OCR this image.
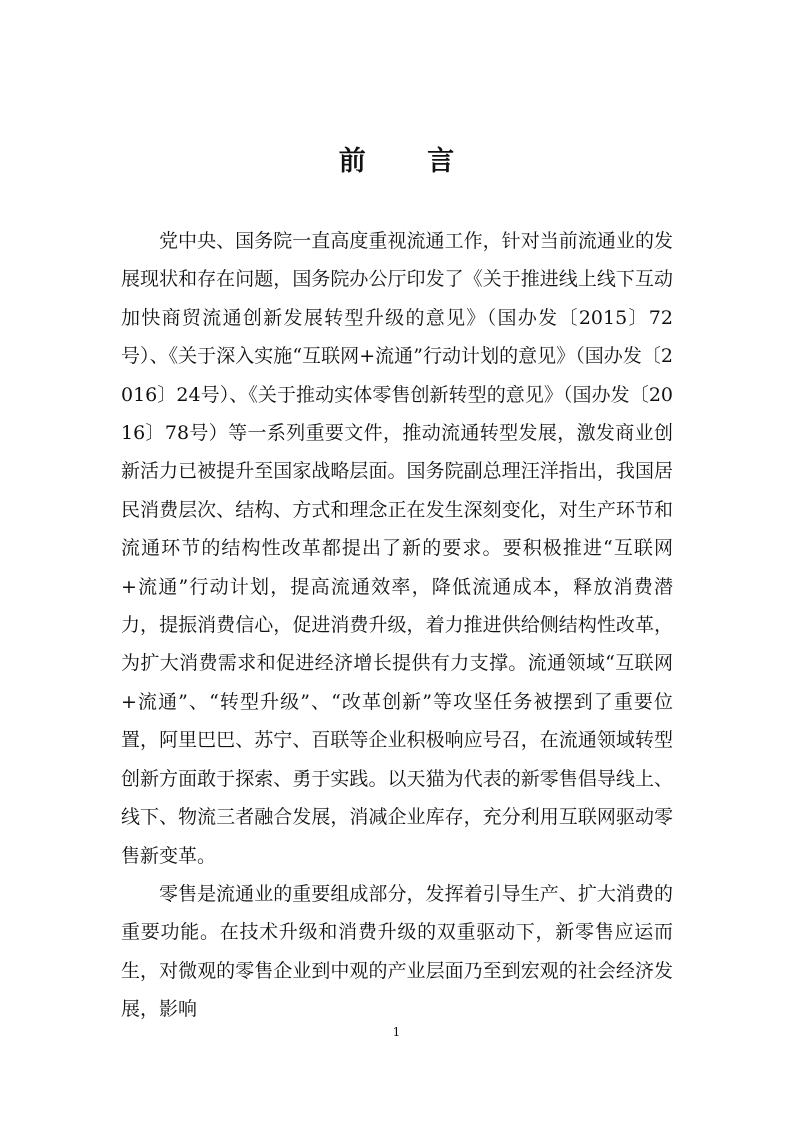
前 言

党中央、国务院一直高度重视流通工作，针对当前流通业的发展现状和存在问题，国务院办公厅印发了《关于推进线上线下互动加快商贸流通创新发展转型升级的意见》（国办发〔2015〕72号）、《关于深入实施“互联网+流通”行动计划的意见》（国办发〔2016〕24号）、《关于推动实体零售创新转型的意见》（国办发〔2016〕78号）等一系列重要文件，推动流通转型发展，激发商业创新活力已被提升至国家战略层面。国务院副总理汪洋指出，我国居民消费层次、结构、方式和理念正在发生深刻变化，对生产环节和流通环节的结构性改革都提出了新的要求。要积极推进“互联网+流通”行动计划，提高流通效率，降低流通成本，释放消费潜力，提振消费信心，促进消费升级，着力推进供给侧结构性改革，为扩大消费需求和促进经济增长提供有力支撑。流通领域“互联网+流通”、“转型升级”、“改革创新”等攻坚任务被摆到了重要位置，阿里巴巴、苏宁、百联等企业积极响应号召，在流通领域转型创新方面敢于探索、勇于实践。以天猫为代表的新零售倡导线上、线下、物流三者融合发展，消减企业库存，充分利用互联网驱动零售新变革。

零售是流通业的重要组成部分，发挥着引导生产、扩大消费的重要功能。在技术升级和消费升级的双重驱动下，新零售应运而生，对微观的零售企业到中观的产业层面乃至到宏观的社会经济发展，影响

1
